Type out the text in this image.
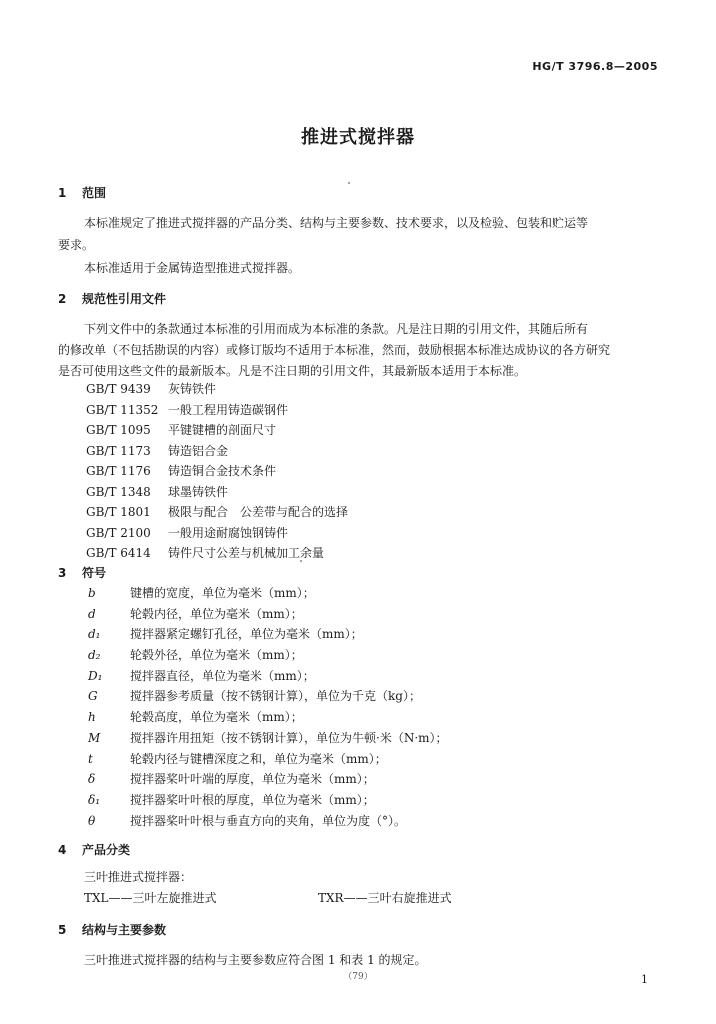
HG/T 3796.8—2005
推进式搅拌器
1 范围
本标准规定了推进式搅拌器的产品分类、结构与主要参数、技术要求，以及检验、包装和贮运等
要求。
本标准适用于金属铸造型推进式搅拌器。
2 规范性引用文件
下列文件中的条款通过本标准的引用而成为本标准的条款。凡是注日期的引用文件，其随后所有
的修改单（不包括勘误的内容）或修订版均不适用于本标准，然而，鼓励根据本标准达成协议的各方研究
是否可使用这些文件的最新版本。凡是不注日期的引用文件，其最新版本适用于本标准。
GB/T 9439 灰铸铁件
GB/T 11352 一般工程用铸造碳钢件
GB/T 1095 平键键槽的剖面尺寸
GB/T 1173 铸造铝合金
GB/T 1176 铸造铜合金技术条件
GB/T 1348 球墨铸铁件
GB/T 1801 极限与配合　公差带与配合的选择
GB/T 2100 一般用途耐腐蚀钢铸件
GB/T 6414 铸件尺寸公差与机械加工余量
3 符号
b	键槽的宽度，单位为毫米（mm）；
d	轮毂内径，单位为毫米（mm）；
d₁ 搅拌器紧定螺钉孔径，单位为毫米（mm）；
d₂ 轮毂外径，单位为毫米（mm）；
D₁ 搅拌器直径，单位为毫米（mm）；
G	搅拌器参考质量（按不锈钢计算），单位为千克（kg）；
h	轮毂高度，单位为毫米（mm）；
M 搅拌器许用扭矩（按不锈钢计算），单位为牛顿·米（N·m）；
t	轮毂内径与键槽深度之和，单位为毫米（mm）；
δ	搅拌器桨叶叶端的厚度，单位为毫米（mm）；
δ₁ 搅拌器桨叶叶根的厚度，单位为毫米（mm）；
θ	搅拌器桨叶叶根与垂直方向的夹角，单位为度（°）。
4 产品分类
三叶推进式搅拌器：
TXL——三叶左旋推进式	TXR——三叶右旋推进式
5 结构与主要参数
三叶推进式搅拌器的结构与主要参数应符合图 1 和表 1 的规定。
（79）	1
